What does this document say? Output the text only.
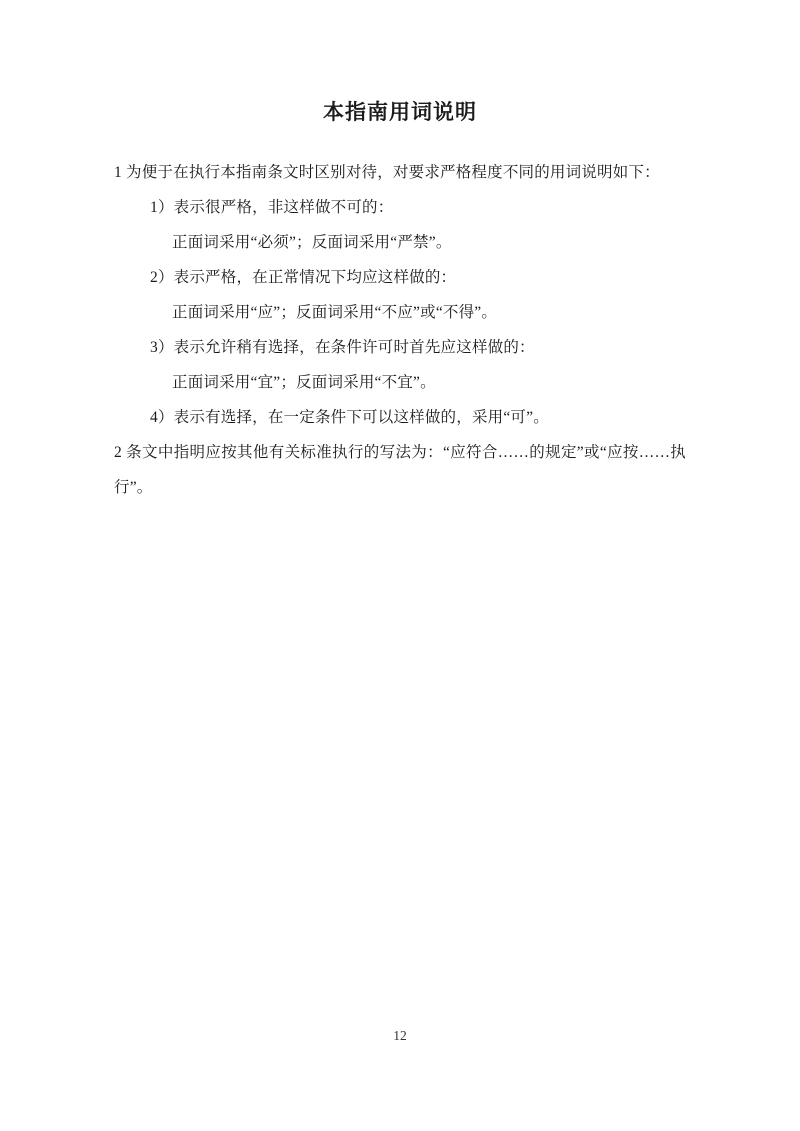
本指南用词说明

1 为便于在执行本指南条文时区别对待，对要求严格程度不同的用词说明如下：

1）表示很严格，非这样做不可的：

正面词采用“必须”；反面词采用“严禁”。

2）表示严格，在正常情况下均应这样做的：

正面词采用“应”；反面词采用“不应”或“不得”。

3）表示允许稍有选择，在条件许可时首先应这样做的：

正面词采用“宜”；反面词采用“不宜”。

4）表示有选择，在一定条件下可以这样做的，采用“可”。

2 条文中指明应按其他有关标准执行的写法为：“应符合……的规定”或“应按……执行”。

12
